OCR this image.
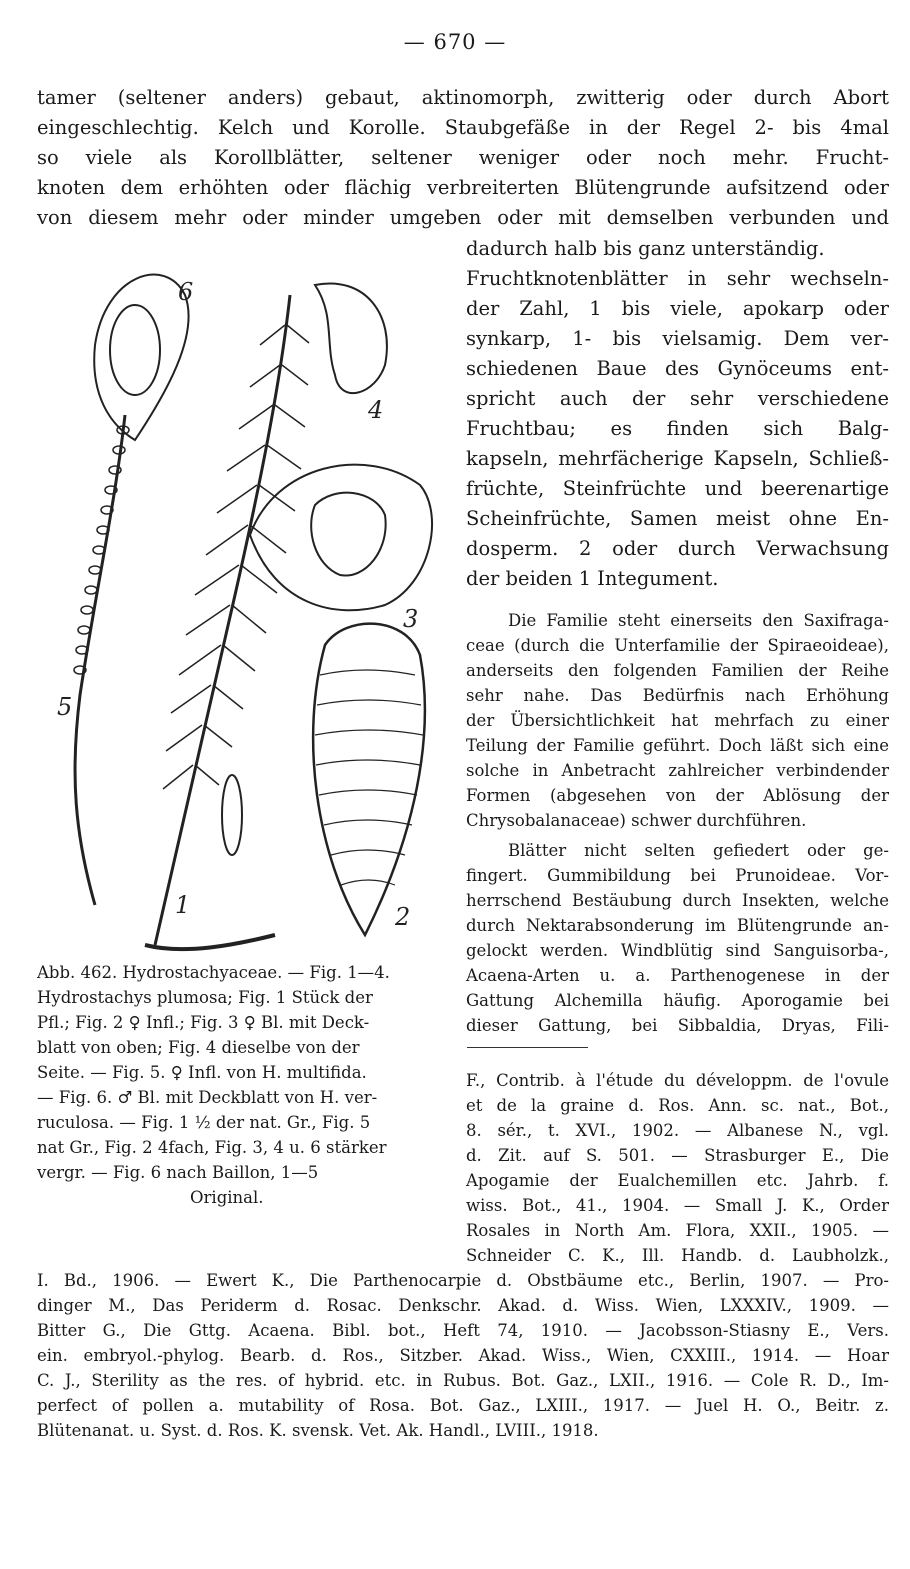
— 670 —
tamer (seltener anders) gebaut, aktinomorph, zwitterig oder durch Abort
eingeschlechtig. Kelch und Korolle. Staubgefäße in der Regel 2- bis 4mal
so viele als Korollblätter, seltener weniger oder noch mehr. Frucht-
knoten dem erhöhten oder flächig verbreiterten Blütengrunde aufsitzend oder
von diesem mehr oder minder umgeben oder mit demselben verbunden und
dadurch halb bis ganz unterständig.
Fruchtknotenblätter in sehr wechseln-
der Zahl, 1 bis viele, apokarp oder
synkarp, 1- bis vielsamig. Dem ver-
schiedenen Baue des Gynöceums ent-
spricht auch der sehr verschiedene
Fruchtbau; es finden sich Balg-
kapseln, mehrfächerige Kapseln, Schließ-
früchte, Steinfrüchte und beerenartige
Scheinfrüchte, Samen meist ohne En-
dosperm. 2 oder durch Verwachsung
der beiden 1 Integument.
Die Familie steht einerseits den Saxifraga-
ceae (durch die Unterfamilie der Spiraeoideae),
anderseits den folgenden Familien der Reihe
sehr nahe. Das Bedürfnis nach Erhöhung
der Übersichtlichkeit hat mehrfach zu einer
Teilung der Familie geführt. Doch läßt sich eine
solche in Anbetracht zahlreicher verbindender
Formen (abgesehen von der Ablösung der
Chrysobalanaceae) schwer durchführen.
Blätter nicht selten gefiedert oder ge-
fingert. Gummibildung bei Prunoideae. Vor-
herrschend Bestäubung durch Insekten, welche
durch Nektarabsonderung im Blütengrunde an-
gelockt werden. Windblütig sind Sanguisorba-,
Acaena-Arten u. a. Parthenogenese in der
Gattung Alchemilla häufig. Aporogamie bei
dieser Gattung, bei Sibbaldia, Dryas, Fili-
F., Contrib. à l'étude du développm. de l'ovule
et de la graine d. Ros. Ann. sc. nat., Bot.,
8. sér., t. XVI., 1902. — Albanese N., vgl.
d. Zit. auf S. 501. — Strasburger E., Die
Apogamie der Eualchemillen etc. Jahrb. f.
wiss. Bot., 41., 1904. — Small J. K., Order
Rosales in North Am. Flora, XXII., 1905. —
Schneider C. K., Ill. Handb. d. Laubholzk.,
I. Bd., 1906. — Ewert K., Die Parthenocarpie d. Obstbäume etc., Berlin, 1907. — Pro-
dinger M., Das Periderm d. Rosac. Denkschr. Akad. d. Wiss. Wien, LXXXIV., 1909. —
Bitter G., Die Gttg. Acaena. Bibl. bot., Heft 74, 1910. — Jacobsson-Stiasny E., Vers.
ein. embryol.-phylog. Bearb. d. Ros., Sitzber. Akad. Wiss., Wien, CXXIII., 1914. — Hoar
C. J., Sterility as the res. of hybrid. etc. in Rubus. Bot. Gaz., LXII., 1916. — Cole R. D., Im-
perfect of pollen a. mutability of Rosa. Bot. Gaz., LXIII., 1917. — Juel H. O., Beitr. z.
Blütenanat. u. Syst. d. Ros. K. svensk. Vet. Ak. Handl., LVIII., 1918.
Abb. 462. Hydrostachyaceae. — Fig. 1—4.
Hydrostachys plumosa; Fig. 1 Stück der
Pfl.; Fig. 2 ♀ Infl.; Fig. 3 ♀ Bl. mit Deck-
blatt von oben; Fig. 4 dieselbe von der
Seite. — Fig. 5. ♀ Infl. von H. multifida.
— Fig. 6. ♂ Bl. mit Deckblatt von H. ver-
ruculosa. — Fig. 1 ½ der nat. Gr., Fig. 5
nat Gr., Fig. 2 4fach, Fig. 3, 4 u. 6 stärker
vergr. — Fig. 6 nach Baillon, 1—5
Original.
1	2
3
4
5
6
